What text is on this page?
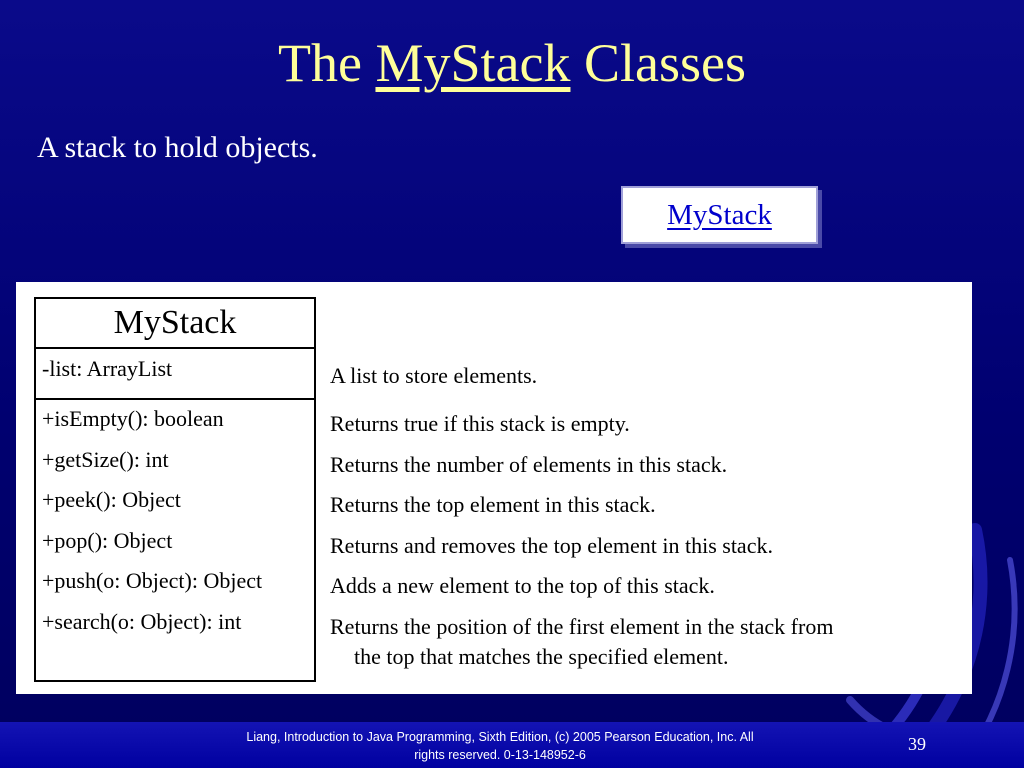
The MyStack Classes
A stack to hold objects.
MyStack
MyStack
-list: ArrayList
+isEmpty(): boolean
+getSize(): int
+peek(): Object
+pop(): Object
+push(o: Object): Object
+search(o: Object): int
A list to store elements.
Returns true if this stack is empty.
Returns the number of elements in this stack.
Returns the top element in this stack.
Returns and removes the top element in this stack.
Adds a new element to the top of this stack.
Returns the position of the first element in the stack from
the top that matches the specified element.
Liang, Introduction to Java Programming, Sixth Edition, (c) 2005 Pearson Education, Inc. All
rights reserved. 0-13-148952-6
39
